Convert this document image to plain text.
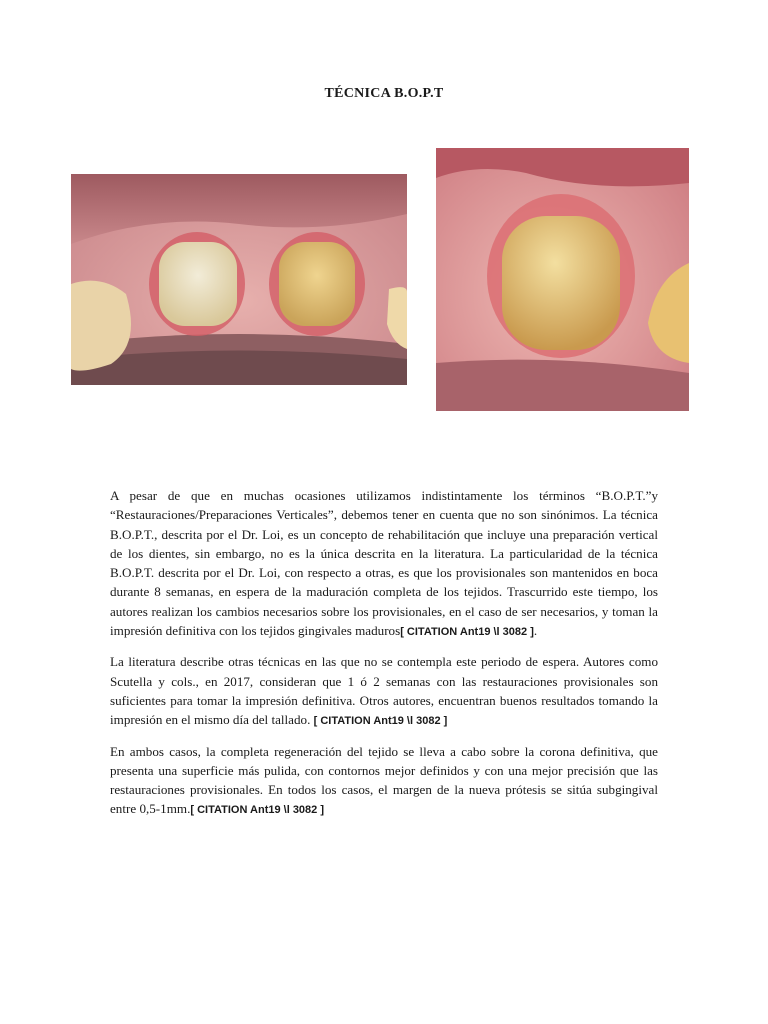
TÉCNICA B.O.P.T

A pesar de que en muchas ocasiones utilizamos indistintamente los términos “B.O.P.T.”y “Restauraciones/Preparaciones Verticales”, debemos tener en cuenta que no son sinónimos. La técnica B.O.P.T., descrita por el Dr. Loi, es un concepto de rehabilitación que incluye una preparación vertical de los dientes, sin embargo, no es la única descrita en la literatura. La particularidad de la técnica B.O.P.T. descrita por el Dr. Loi, con respecto a otras, es que los provisionales son mantenidos en boca durante 8 semanas, en espera de la maduración completa de los tejidos. Trascurrido este tiempo, los autores realizan los cambios necesarios sobre los provisionales, en el caso de ser necesarios, y toman la impresión definitiva con los tejidos gingivales maduros[ CITATION Ant19 \l 3082 ].

La literatura describe otras técnicas en las que no se contempla este periodo de espera. Autores como Scutella y cols., en 2017, consideran que 1 ó 2 semanas con las restauraciones provisionales son suficientes para tomar la impresión definitiva. Otros autores, encuentran buenos resultados tomando la impresión en el mismo día del tallado. [ CITATION Ant19 \l 3082 ]

En ambos casos, la completa regeneración del tejido se lleva a cabo sobre la corona definitiva, que presenta una superficie más pulida, con contornos mejor definidos y con una mejor precisión que las restauraciones provisionales. En todos los casos, el margen de la nueva prótesis se sitúa subgingival entre 0,5-1mm.[ CITATION Ant19 \l 3082 ]
